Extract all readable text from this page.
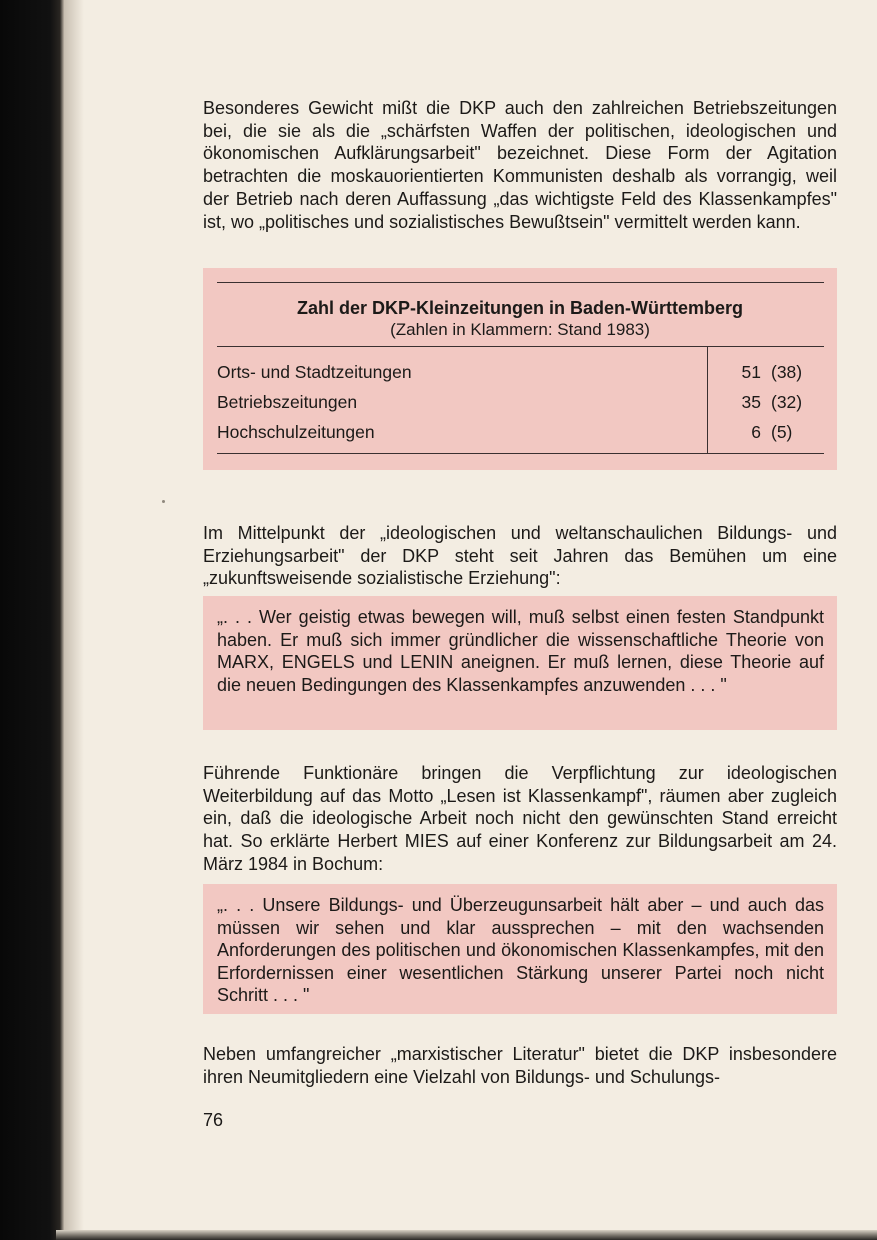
Besonderes Gewicht mißt die DKP auch den zahlreichen Betriebszeitungen bei, die sie als die „schärfsten Waffen der politischen, ideologischen und ökonomischen Aufklärungsarbeit" bezeichnet. Diese Form der Agitation betrachten die moskauorientierten Kommunisten deshalb als vorrangig, weil der Betrieb nach deren Auffassung „das wichtigste Feld des Klassenkampfes" ist, wo „politisches und sozialistisches Bewußtsein" vermittelt werden kann.

Zahl der DKP-Kleinzeitungen in Baden-Württemberg
(Zahlen in Klammern: Stand 1983)
Orts- und Stadtzeitungen	51 (38)
Betriebszeitungen	35 (32)
Hochschulzeitungen	6 (5)

Im Mittelpunkt der „ideologischen und weltanschaulichen Bildungs- und Erziehungsarbeit" der DKP steht seit Jahren das Bemühen um eine „zukunftsweisende sozialistische Erziehung":

„. . . Wer geistig etwas bewegen will, muß selbst einen festen Standpunkt haben. Er muß sich immer gründlicher die wissenschaftliche Theorie von MARX, ENGELS und LENIN aneignen. Er muß lernen, diese Theorie auf die neuen Bedingungen des Klassenkampfes anzuwenden . . . "

Führende Funktionäre bringen die Verpflichtung zur ideologischen Weiterbildung auf das Motto „Lesen ist Klassenkampf", räumen aber zugleich ein, daß die ideologische Arbeit noch nicht den gewünschten Stand erreicht hat. So erklärte Herbert MIES auf einer Konferenz zur Bildungsarbeit am 24. März 1984 in Bochum:

„. . . Unsere Bildungs- und Überzeugunsarbeit hält aber – und auch das müssen wir sehen und klar aussprechen – mit den wachsenden Anforderungen des politischen und ökonomischen Klassenkampfes, mit den Erfordernissen einer wesentlichen Stärkung unserer Partei noch nicht Schritt . . . "

Neben umfangreicher „marxistischer Literatur" bietet die DKP insbesondere ihren Neumitgliedern eine Vielzahl von Bildungs- und Schulungs-

76
